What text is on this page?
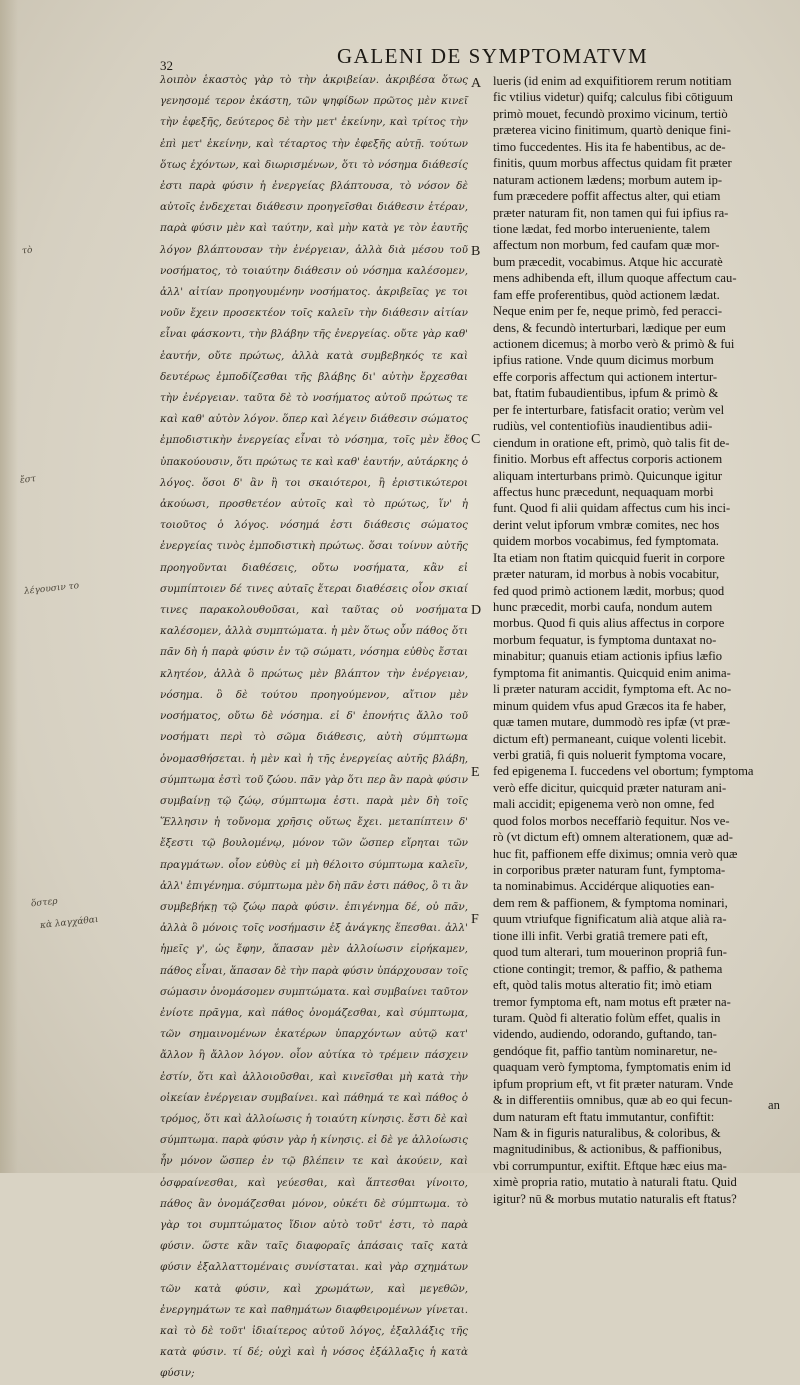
32	GALENI DE SYMPTOMATVM
λοιπὸν ἑκαστὸς γὰρ τὸ τὴν ἀκριβείαν. ἀκριβέσα ὅτως γενησομέ τερον ἐκάστη, τῶν ψηφίδων πρῶτος μὲν κινεῖ τὴν ἐφεξῆς, δεύτερος δὲ τὴν μετ' ἐκείνην, καὶ τρίτος τὴν ἐπὶ μετ' ἐκείνην, καὶ τέταρτος τὴν ἐφεξῆς αὐτῇ. τούτων ὅτως ἐχόντων, καὶ διωρισμένων, ὅτι τὸ νόσημα διάθεσίς ἐστι παρὰ φύσιν ἡ ἐνεργείας βλάπτουσα, τὸ νόσον δὲ αὐτοῖς ἐνδεχεται διάθεσιν προηγεῖσθαι διάθεσιν ἑτέραν, παρὰ φύσιν μὲν καὶ ταύτην, καὶ μὴν κατὰ γε τὸν ἑαυτῆς λόγον βλάπτουσαν τὴν ἐνέργειαν, ἀλλὰ διὰ μέσου τοῦ νοσήματος, τὸ τοιαύτην διάθεσιν οὐ νόσημα καλέσομεν, ἀλλ' αἰτίαν προηγουμένην νοσήματος. ἀκριβεῖας γε τοι νοῦν ἔχειν προσεκτέον τοῖς καλεῖν τὴν διάθεσιν αἰτίαν εἶναι φάσκοντι, τὴν βλάβην τῆς ἐνεργείας. οὔτε γὰρ καθ' ἑαυτήν, οὔτε πρώτως, ἀλλὰ κατὰ συμβεβηκός τε καὶ δευτέρως ἐμποδίζεσθαι τῆς βλάβης δι' αὐτὴν ἔρχεσθαι τὴν ἐνέργειαν. ταῦτα δὲ τὸ νοσήματος αὐτοῦ πρώτως τε καὶ καθ' αὐτὸν λόγον. ὅπερ καὶ λέγειν διάθεσιν σώματος ἐμποδιστικὴν ἐνεργείας εἶναι τὸ νόσημα, τοῖς μὲν ἔθος ὑπακούουσιν, ὅτι πρώτως τε καὶ καθ' ἑαυτήν, αὐτάρκης ὁ λόγος. ὅσοι δ' ἂν ἢ τοι σκαιότεροι, ἢ ἐριστικώτεροι ἀκούωσι, προσθετέον αὐτοῖς καὶ τὸ πρώτως, ἵν' ἡ τοιοῦτος ὁ λόγος. νόσημά ἐστι διάθεσις σώματος ἐνεργείας τινὸς ἐμποδιστικὴ πρώτως. ὅσαι τοίνυν αὐτῆς προηγοῦνται διαθέσεις, οὔτω νοσήματα, κἂν εἰ συμπίπτοιεν δέ τινες αὐταῖς ἕτεραι διαθέσεις οἷον σκιαί τινες παρακολουθοῦσαι, καὶ ταῦτας οὐ νοσήματα καλέσομεν, ἀλλὰ συμπτώματα. ἡ μὲν ὅτως οὖν πάθος ὅτι πᾶν δὴ ἡ παρὰ φύσιν ἐν τῷ σώματι, νόσημα εὐθὺς ἔσται κλητέον, ἀλλὰ ὃ πρώτως μὲν βλάπτον τὴν ἐνέργειαν, νόσημα. ὃ δὲ τούτου προηγούμενον, αἴτιον μὲν νοσήματος, οὔτω δὲ νόσημα. εἰ δ' ἐπονήτις ἄλλο τοῦ νοσήματι περὶ τὸ σῶμα διάθεσις, αὐτὴ σύμπτωμα ὀνομασθήσεται. ἡ μὲν καὶ ἡ τῆς ἐνεργείας αὐτῆς βλάβη, σύμπτωμα ἐστὶ τοῦ ζώου. πᾶν γὰρ ὅτι περ ἂν παρὰ φύσιν συμβαίνῃ τῷ ζώῳ, σύμπτωμα ἐστι. παρὰ μὲν δὴ τοῖς Ἕλλησιν ἡ τοὔνομα χρῆσις οὕτως ἔχει. μεταπίπτειν δ' ἔξεστι τῷ βουλομένῳ, μόνον τῶν ὥσπερ εἴρηται τῶν πραγμάτων. οἷον εὐθὺς εἰ μὴ θέλοιτο σύμπτωμα καλεῖν, ἀλλ' ἐπιγένημα. σύμπτωμα μὲν δὴ πᾶν ἐστι πάθος, ὃ τι ἂν συμβεβήκῃ τῷ ζώῳ παρὰ φύσιν. ἐπιγένημα δέ, οὐ πᾶν, ἀλλὰ ὃ μόνοις τοῖς νοσήμασιν ἐξ ἀνάγκης ἕπεσθαι. ἀλλ' ἡμεῖς γ', ὡς ἔφην, ἅπασαν μὲν ἀλλοίωσιν εἰρήκαμεν, πάθος εἶναι, ἅπασαν δὲ τὴν παρὰ φύσιν ὑπάρχουσαν τοῖς σώμασιν ὀνομάσομεν συμπτώματα. καὶ συμβαίνει ταῦτον ἐνίοτε πρᾶγμα, καὶ πάθος ὀνομάζεσθαι, καὶ σύμπτωμα, τῶν σημαινομένων ἑκατέρων ὑπαρχόντων αὐτῷ κατ' ἄλλον ἢ ἄλλον λόγον. οἷον αὐτίκα τὸ τρέμειν πάσχειν ἐστίν, ὅτι καὶ ἀλλοιοῦσθαι, καὶ κινεῖσθαι μὴ κατὰ τὴν οἰκείαν ἐνέργειαν συμβαίνει. καὶ πάθημά τε καὶ πάθος ὁ τρόμος, ὅτι καὶ ἀλλοίωσις ἡ τοιαύτη κίνησις. ἔστι δὲ καὶ σύμπτωμα. παρὰ φύσιν γὰρ ἡ κίνησις. εἰ δὲ γε ἀλλοίωσις ἦν μόνον ὥσπερ ἐν τῷ βλέπειν τε καὶ ἀκούειν, καὶ ὀσφραίνεσθαι, καὶ γεύεσθαι, καὶ ἅπτεσθαι γίνοιτο, πάθος ἂν ὀνομάζεσθαι μόνον, οὐκέτι δὲ σύμπτωμα. τὸ γὰρ τοι συμπτώματος ἴδιον αὐτὸ τοῦτ' ἐστι, τὸ παρὰ φύσιν. ὥστε κἂν ταῖς διαφοραῖς ἁπάσαις ταῖς κατὰ φύσιν ἐξαλλαττομέναις συνίσταται. καὶ γὰρ σχημάτων τῶν κατὰ φύσιν, καὶ χρωμάτων, καὶ μεγεθῶν, ἐνεργημάτων τε καὶ παθημάτων διαφθειρομένων γίνεται. καὶ τὸ δὲ τοῦτ' ἰδιαίτερος αὐτοῦ λόγος, ἐξαλλάξις τῆς κατὰ φύσιν. τί δέ; οὐχὶ καὶ ἡ νόσος ἐξάλλαξις ἡ κατὰ φύσιν;
A
B
C
D
E
F
τὸ
ἔστ
λέγουσιν το
ὅστερ
κὰ λαγχάθαι
lueris (id enim ad exquifitiorem rerum notitiam
fic vtilius videtur) quifq; calculus fibi cōtiguum
primò mouet, fecundò proximo vicinum, tertiò
præterea vicino finitimum, quartò denique fini-
timo fuccedentes. His ita fe habentibus, ac de-
finitis, quum morbus affectus quidam fit præter
naturam actionem lædens; morbum autem ip-
fum præcedere poffit affectus alter, qui etiam
præter naturam fit, non tamen qui fui ipfius ra-
tione lædat, fed morbo interueniente, talem
affectum non morbum, fed caufam quæ mor-
bum præcedit, vocabimus. Atque hic accuratè
mens adhibenda eft, illum quoque affectum cau-
fam effe proferentibus, quòd actionem lædat.
Neque enim per fe, neque primò, fed peracci-
dens, & fecundò interturbari, lædique per eum
actionem dicemus; à morbo verò & primò & fui
ipfius ratione. Vnde quum dicimus morbum
effe corporis affectum qui actionem intertur-
bat, ftatim fubaudientibus, ipfum & primò &
per fe interturbare, fatisfacit oratio; verùm vel
rudiùs, vel contentiofiùs inaudientibus adii-
ciendum in oratione eft, primò, quò talis fit de-
finitio. Morbus eft affectus corporis actionem
aliquam interturbans primò. Quicunque igitur
affectus hunc præcedunt, nequaquam morbi
funt. Quod fi alii quidam affectus cum his inci-
derint velut ipforum vmbræ comites, nec hos
quidem morbos vocabimus, fed fymptomata.
Ita etiam non ftatim quicquid fuerit in corpore
præter naturam, id morbus à nobis vocabitur,
fed quod primò actionem lædit, morbus; quod
hunc præcedit, morbi caufa, nondum autem
morbus. Quod fi quis alius affectus in corpore
morbum fequatur, is fymptoma duntaxat no-
minabitur; quanuis etiam actionis ipfius læfio
fymptoma fit animantis. Quicquid enim anima-
li præter naturam accidit, fymptoma eft. Ac no-
minum quidem vfus apud Græcos ita fe haber,
quæ tamen mutare, dummodò res ipfæ (vt præ-
dictum eft) permaneant, cuique volenti licebit.
verbi gratiâ, fi quis noluerit fymptoma vocare,
fed epigenema I. fuccedens vel obortum; fymptoma
verò effe dicitur, quicquid præter naturam ani-
mali accidit; epigenema verò non omne, fed
quod folos morbos neceffariò fequitur. Nos ve-
rò (vt dictum eft) omnem alterationem, quæ ad-
huc fit, paffionem effe diximus; omnia verò quæ
in corporibus præter naturam funt, fymptoma-
ta nominabimus. Accidérque aliquoties ean-
dem rem & paffionem, & fymptoma nominari,
quum vtriufque fignificatum alià atque alià ra-
tione illi infit. Verbi gratiâ tremere pati eft,
quod tum alterari, tum mouerinon propriâ fun-
ctione contingit; tremor, & paffio, & pathema
eft, quòd talis motus alteratio fit; imò etiam
tremor fymptoma eft, nam motus eft præter na-
turam. Quòd fi alteratio folùm effet, qualis in
videndo, audiendo, odorando, guftando, tan-
gendóque fit, paffio tantùm nominaretur, ne-
quaquam verò fymptoma, fymptomatis enim id
ipfum proprium eft, vt fit præter naturam. Vnde
& in differentiis omnibus, quæ ab eo qui fecun-
dum naturam eft ftatu immutantur, confiftit:
Nam & in figuris naturalibus, & coloribus, &
magnitudinibus, & actionibus, & paffionibus,
vbi corrumpuntur, exiftit. Eftque hæc eius ma-
ximè propria ratio, mutatio à naturali ftatu. Quid
igitur? nū & morbus mutatio naturalis eft ftatus?
an
